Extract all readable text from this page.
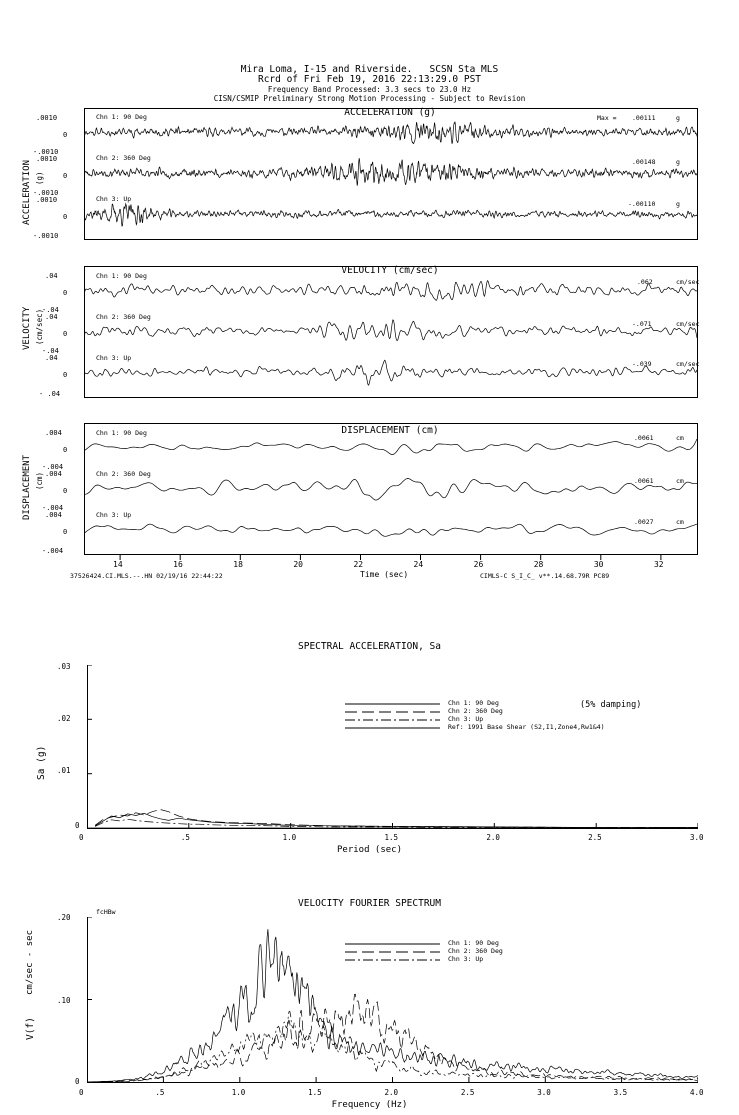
Mira Loma, I-15 and Riverside.   SCSN Sta MLS
Rcrd of Fri Feb 19, 2016 22:13:29.0 PST
Frequency Band Processed: 3.3 secs to 23.0 Hz
CISN/CSMIP Preliminary Strong Motion Processing - Subject to Revision
ACCELERATION (g)
ACCELERATION (g)
.0010
0
-.0010
.0010
0
-.0010
.0010
0
-.0010
Chn 1: 90 Deg
Chn 2: 360 Deg
Chn 3: Up
Max = .00111	g
.00148	g
-.00110	g
VELOCITY (cm/sec)
VELOCITY (cm/sec)
.04
0
-.04
.04
0
-.04
.04
0
- .04
Chn 1: 90 Deg
Chn 2: 360 Deg
Chn 3: Up
.062	cm/sec
-.071	cm/sec
-.039	cm/sec
DISPLACEMENT (cm)
DISPLACEMENT (cm)
.004
0
-.004
.004
0
-.004
.004
0
-.004
Chn 1: 90 Deg
Chn 2: 360 Deg
Chn 3: Up
.0061	cm
.0061	cm
.0027	cm
14	16	18	20	22	24	26	28	30	32
37526424.CI.MLS.--.HN 02/19/16 22:44:22	Time (sec)	CIMLS-C S_I_C_ v**.14.68.79R PC89
SPECTRAL ACCELERATION, Sa
Sa (g)
Period (sec)
(5% damping)
.03
.02
.01
0
0	.5	1.0	1.5	2.0	2.5	3.0
Chn 1: 90 Deg
Chn 2: 360 Deg
Chn 3: Up
Ref: 1991 Base Shear (S2,I1,Zone4,Rw1&4)
VELOCITY FOURIER SPECTRUM
V(f)
cm/sec - sec
Frequency (Hz)
fcHBw
.20
.10
0
0	.5	1.0	1.5	2.0	2.5	3.0	3.5	4.0
Chn 1: 90 Deg
Chn 2: 360 Deg
Chn 3: Up
